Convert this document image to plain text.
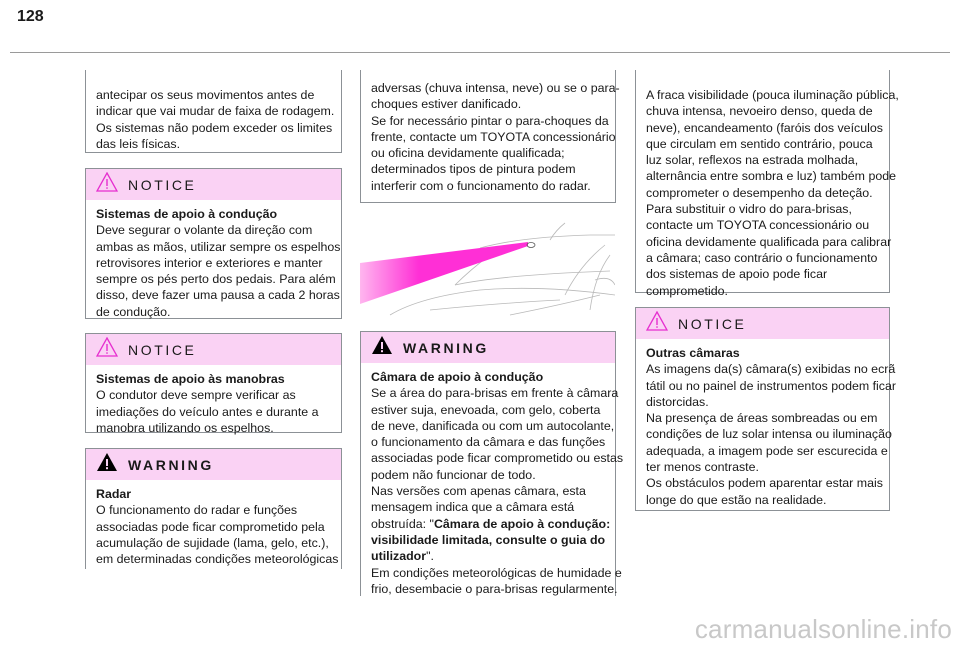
128
antecipar os seus movimentos antes de
indicar que vai mudar de faixa de rodagem.
Os sistemas não podem exceder os limites
das leis físicas.
NOTICE
Sistemas de apoio à condução
Deve segurar o volante da direção com
ambas as mãos, utilizar sempre os espelhos
retrovisores interior e exteriores e manter
sempre os pés perto dos pedais. Para além
disso, deve fazer uma pausa a cada 2 horas
de condução.
NOTICE
Sistemas de apoio às manobras
O condutor deve sempre verificar as
imediações do veículo antes e durante a
manobra utilizando os espelhos.
WARNING
Radar
O funcionamento do radar e funções
associadas pode ficar comprometido pela
acumulação de sujidade (lama, gelo, etc.),
em determinadas condições meteorológicas
adversas (chuva intensa, neve) ou se o para-
choques estiver danificado.
Se for necessário pintar o para-choques da
frente, contacte um TOYOTA concessionário
ou oficina devidamente qualificada;
determinados tipos de pintura podem
interferir com o funcionamento do radar.
WARNING
Câmara de apoio à condução
Se a área do para-brisas em frente à câmara
estiver suja, enevoada, com gelo, coberta
de neve, danificada ou com um autocolante,
o funcionamento da câmara e das funções
associadas pode ficar comprometido ou estas
podem não funcionar de todo.
Nas versões com apenas câmara, esta
mensagem indica que a câmara está
obstruída: "Câmara de apoio à condução:
visibilidade limitada, consulte o guia do
utilizador".
Em condições meteorológicas de humidade e
frio, desembacie o para-brisas regularmente.
A fraca visibilidade (pouca iluminação pública,
chuva intensa, nevoeiro denso, queda de
neve), encandeamento (faróis dos veículos
que circulam em sentido contrário, pouca
luz solar, reflexos na estrada molhada,
alternância entre sombra e luz) também pode
comprometer o desempenho da deteção.
Para substituir o vidro do para-brisas,
contacte um TOYOTA concessionário ou
oficina devidamente qualificada para calibrar
a câmara; caso contrário o funcionamento
dos sistemas de apoio pode ficar
comprometido.
NOTICE
Outras câmaras
As imagens da(s) câmara(s) exibidas no ecrã
tátil ou no painel de instrumentos podem ficar
distorcidas.
Na presença de áreas sombreadas ou em
condições de luz solar intensa ou iluminação
adequada, a imagem pode ser escurecida e
ter menos contraste.
Os obstáculos podem aparentar estar mais
longe do que estão na realidade.
carmanualsonline.info
